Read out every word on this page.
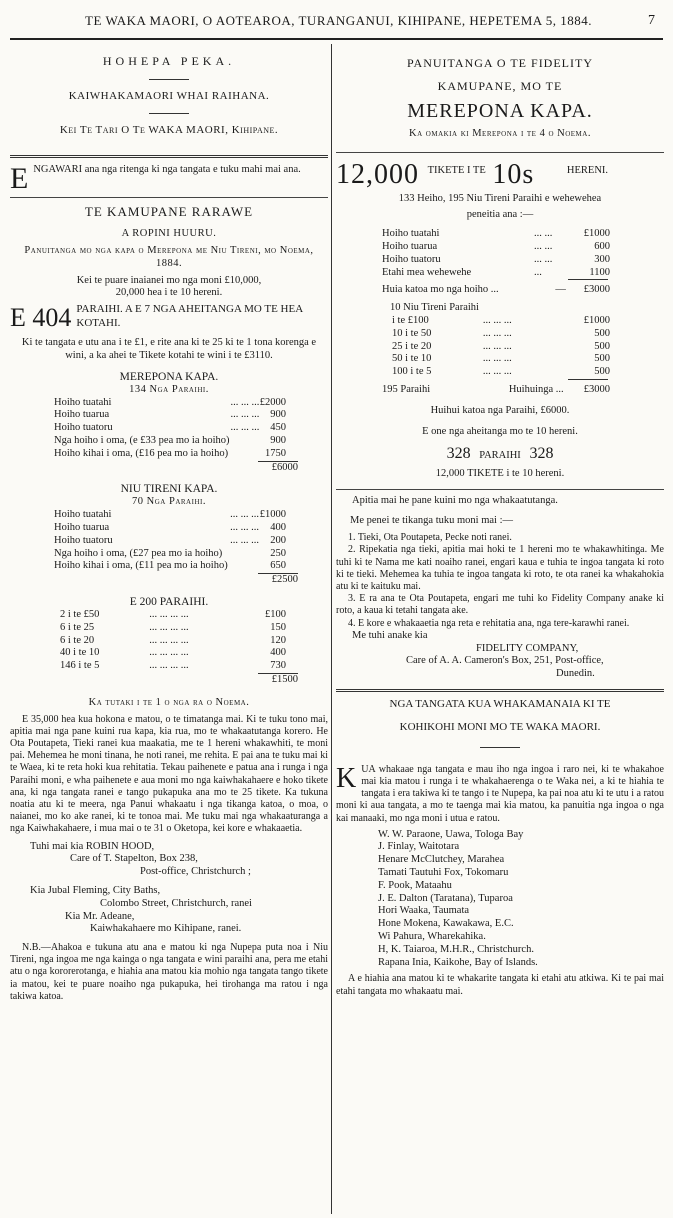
TE WAKA MAORI, O AOTEAROA, TURANGANUI, KIHIPANE, HEPETEMA 5, 1884.	7
HOHEPA PEKA.
KAIWHAKAMAORI WHAI RAIHANA.
Kei Te Tari O Te WAKA MAORI, Kihipane.
E NGAWARI ana nga ritenga ki nga tangata e tuku mahi mai ana.
TE KAMUPANE RARAWE
A ROPINI HUURU.
Panuitanga mo nga kapa o Merepona me Niu Tireni, mo Noema, 1884.
Kei te puare inaianei mo nga moni £10,000,
20,000 hea i te 10 hereni.
E 404 PARAIHI. A E 7 NGA AHEITANGA MO TE HEA KOTAHI.
Ki te tangata e utu ana i te £1, e rite ana ki te 25 ki te 1 tona korenga e wini, a ka ahei te Tikete kotahi te wini i te £3110.
MEREPONA KAPA.
134 Nga Paraihi.
Hoiho tuatahi	... ... ...	£2000
Hoiho tuarua	... ... ...	900
Hoiho tuatoru	... ... ...	450
Nga hoiho i oma, (e £33 pea mo ia hoiho)		900
Hoiho kihai i oma, (£16 pea mo ia hoiho)		1750
£6000
NIU TIRENI KAPA.
70 Nga Paraihi.
Hoiho tuatahi	... ... ...	£1000
Hoiho tuarua	... ... ...	400
Hoiho tuatoru	... ... ...	200
Nga hoiho i oma, (£27 pea mo ia hoiho)		250
Hoiho kihai i oma, (£11 pea mo ia hoiho)		650
£2500
E 200 PARAIHI.
2 i te £50	... ... ... ...	£100
6 i te 25	... ... ... ...	150
6 i te 20	... ... ... ...	120
40 i te 10	... ... ... ...	400
146 i te 5	... ... ... ...	730
£1500
Ka tutaki i te 1 o nga ra o Noema.

E 35,000 hea kua hokona e matou, o te timatanga mai. Ki te tuku tono mai, apitia mai nga pane kuini rua kapa, kia rua, mo te whakaatutanga korero. He Ota Poutapeta, Tieki ranei kua maakatia, me te 1 hereni whakawhiti, te moni pai. Mehemea he moni tinana, he noti ranei, me rehita. E pai ana te tuku mai ki te Waea, ki te reta hoki kua rehitatia. Tekau paihenete e patua ana i runga i nga Paraihi moni, e wha paihenete e aua moni mo nga kaiwhakahaere e hoko tikete ana, ki nga tangata ranei e tango pukapuka ana mo te 25 tikete. Ka tukuna noatia atu ki te meera, nga Panui whakaatu i nga tikanga katoa, o moa, o naianei, mo ko ake ranei, ki te tonoa mai. Me tuku mai nga whakaaturanga a nga Kaiwhakahaere, i mua mai o te 31 o Oketopa, kei kore e whakaaetia.

Tuhi mai kia ROBIN HOOD,

Care of T. Stapelton, Box 238,

Post-office, Christchurch ;

Kia Jubal Fleming, City Baths,

Colombo Street, Christchurch, ranei

Kia Mr. Adeane,

Kaiwhakahaere mo Kihipane, ranei.

N.B.—Ahakoa e tukuna atu ana e matou ki nga Nupepa puta noa i Niu Tireni, nga ingoa me nga kainga o nga tangata e wini paraihi ana, pera me etahi atu o nga kororerotanga, e hiahia ana matou kia mohio nga tangata tango tikete ia matou, kei te puare noaiho nga pukapuka, hei tirohanga ma ratou i nga takiwa katoa.

PANUITANGA O TE FIDELITY
KAMUPANE, MO TE
MEREPONA KAPA.
Ka omakia ki Merepona i te 4 o Noema.
12,000 TIKETE I TE 10s	HERENI.
133 Heiho, 195 Niu Tireni Paraihi e wehewehea
peneitia ana :—
Hoiho tuatahi	... ...	£1000
Hoiho tuarua	... ...	600
Hoiho tuatoru	... ...	300
Etahi mea wehewehe	...	1100
Huia katoa mo nga hoiho ...	—	£3000
10 Niu Tireni Paraihi
i te £100	... ... ...	£1000
10 i te 50	... ... ...	500
25 i te 20	... ... ...	500
50 i te 10	... ... ...	500
100 i te 5	... ... ...	500
195 Paraihi	Huihuinga ...	£3000
Huihui katoa nga Paraihi, £6000.
E one nga aheitanga mo te 10 hereni.
328 PARAIHI 328
12,000 TIKETE i te 10 hereni.
Apitia mai he pane kuini mo nga whakaatutanga.
Me penei te tikanga tuku moni mai :—

1. Tieki, Ota Poutapeta, Pecke noti ranei.

2. Ripekatia nga tieki, apitia mai hoki te 1 hereni mo te whakawhitinga. Me tuhi ki te Nama me kati noaiho ranei, engari kaua e tuhia te ingoa tangata ki roto ki te tieki. Mehemea ka tuhia te ingoa tangata ki roto, te ota ranei ka whakahokia atu ki te kaituku mai.

3. E ra ana te Ota Poutapeta, engari me tuhi ko Fidelity Company anake ki roto, a kaua ki tetahi tangata ake.

4. E kore e whakaaetia nga reta e rehitatia ana, nga tere-karawhi ranei.

Me tuhi anake kia

FIDELITY COMPANY,

Care of A. A. Cameron's Box, 251, Post-office,

Dunedin.

NGA TANGATA KUA WHAKAMANAIA KI TE
KOHIKOHI MONI MO TE WAKA MAORI.
K UA whakaae nga tangata e mau iho nga ingoa i raro nei, ki te whakahoe mai kia matou i runga i te whakahaerenga o te Waka nei, a ki te hiahia te tangata i era takiwa ki te tango i te Nupepa, ka pai noa atu ki te utu i a ratou moni ki aua tangata, a mo te taenga mai kia matou, ka panuitia nga ingoa o nga kai manaaki, mo nga moni i utua e ratou.

W. W. Paraone, Uawa, Tologa Bay

J. Finlay, Waitotara

Henare McClutchey, Marahea

Tamati Tautuhi Fox, Tokomaru

F. Pook, Mataahu

J. E. Dalton (Taratana), Tuparoa

Hori Waaka, Taumata

Hone Mokena, Kawakawa, E.C.

Wi Pahura, Wharekahika.

H, K. Taiaroa, M.H.R., Christchurch.

Rapana Inia, Kaikohe, Bay of Islands.

A e hiahia ana matou ki te whakarite tangata ki etahi atu atkiwa. Ki te pai mai etahi tangata mo whakaatu mai.
